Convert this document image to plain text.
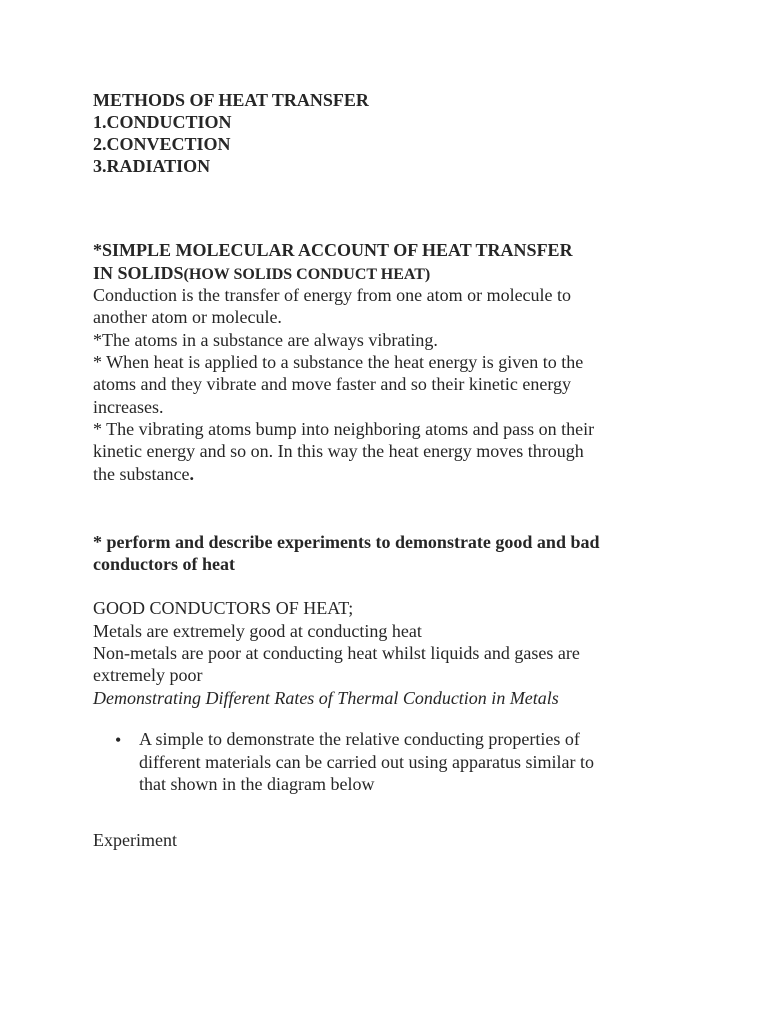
METHODS OF HEAT TRANSFER

1.CONDUCTION

2.CONVECTION

3.RADIATION

*SIMPLE MOLECULAR ACCOUNT OF HEAT TRANSFER

IN SOLIDS(HOW SOLIDS CONDUCT HEAT)

Conduction is the transfer of energy from one atom or molecule to

another atom or molecule.

*The atoms in a substance are always vibrating.

* When heat is applied to a substance the heat energy is given to the

atoms and they vibrate and move faster and so their kinetic energy

increases.

* The vibrating atoms bump into neighboring atoms and pass on their

kinetic energy and so on. In this way the heat energy moves through

the substance.

* perform and describe experiments to demonstrate good and bad

conductors of heat

GOOD CONDUCTORS OF HEAT;

Metals are extremely good at conducting heat

Non-metals are poor at conducting heat whilst liquids and gases are

extremely poor

Demonstrating Different Rates of Thermal Conduction in Metals

• A simple to demonstrate the relative conducting properties of

different materials can be carried out using apparatus similar to

that shown in the diagram below

Experiment
